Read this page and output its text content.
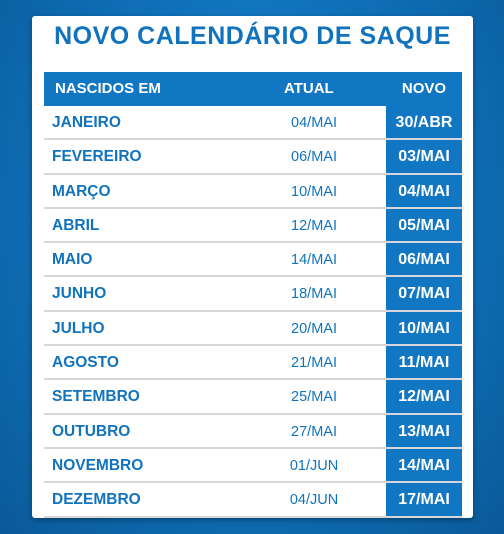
NOVO CALENDÁRIO DE SAQUE
NASCIDOS EM	ATUAL	NOVO
JANEIRO	04/MAI	30/ABR
FEVEREIRO	06/MAI	03/MAI
MARÇO	10/MAI	04/MAI
ABRIL	12/MAI	05/MAI
MAIO	14/MAI	06/MAI
JUNHO	18/MAI	07/MAI
JULHO	20/MAI	10/MAI
AGOSTO	21/MAI	11/MAI
SETEMBRO	25/MAI	12/MAI
OUTUBRO	27/MAI	13/MAI
NOVEMBRO	01/JUN	14/MAI
DEZEMBRO	04/JUN	17/MAI
